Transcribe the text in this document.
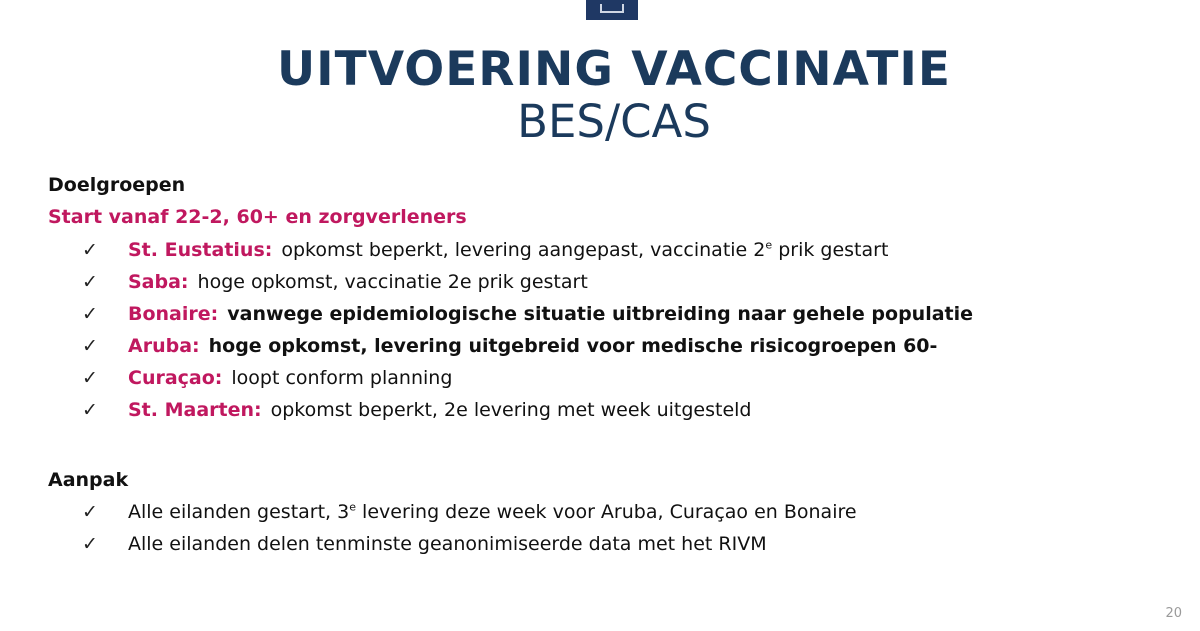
UITVOERING VACCINATIE
BES/CAS
Doelgroepen
Start vanaf 22-2, 60+ en zorgverleners
✓	St. Eustatius: opkomst beperkt, levering aangepast, vaccinatie 2e prik gestart
✓	Saba: hoge opkomst, vaccinatie 2e prik gestart
✓	Bonaire: vanwege epidemiologische situatie uitbreiding naar gehele populatie
✓	Aruba: hoge opkomst, levering uitgebreid voor medische risicogroepen 60-
✓	Curaçao: loopt conform planning
✓	St. Maarten: opkomst beperkt, 2e levering met week uitgesteld
Aanpak
✓	Alle eilanden gestart, 3e levering deze week voor Aruba, Curaçao en Bonaire
✓	Alle eilanden delen tenminste geanonimiseerde data met het RIVM
20
